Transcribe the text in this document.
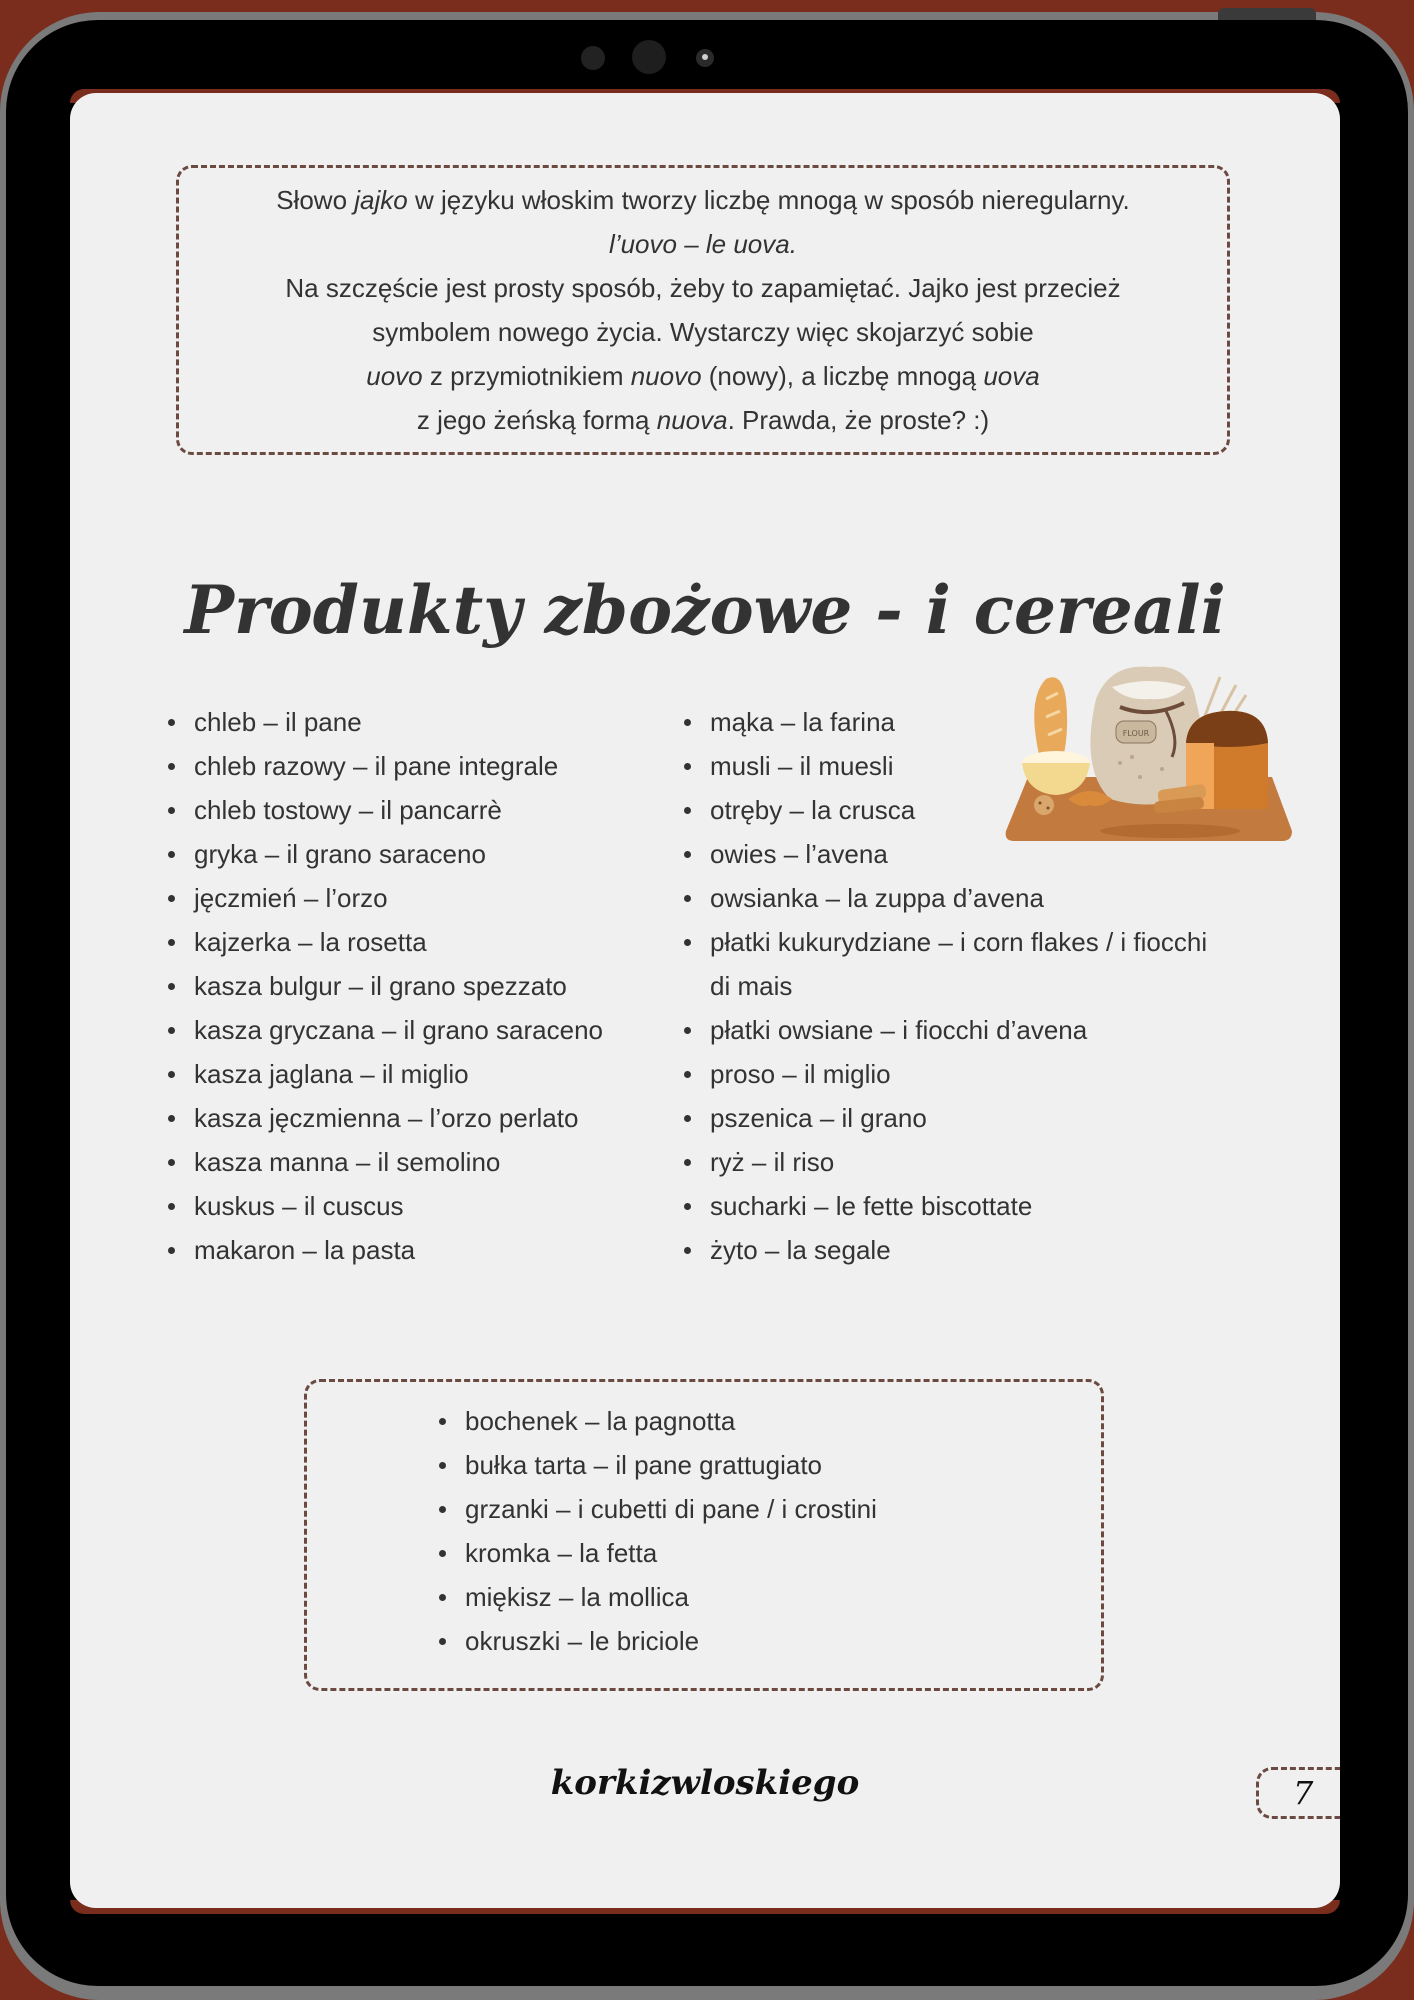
Słowo jajko w języku włoskim tworzy liczbę mnogą w sposób nieregularny.

l’uovo – le uova.

Na szczęście jest prosty sposób, żeby to zapamiętać. Jajko jest przecież

symbolem nowego życia. Wystarczy więc skojarzyć sobie

uovo z przymiotnikiem nuovo (nowy), a liczbę mnogą uova

z jego żeńską formą nuova. Prawda, że proste? :)

Produkty zbożowe - i cereali
chleb – il pane
chleb razowy – il pane integrale
chleb tostowy – il pancarrè
gryka – il grano saraceno
jęczmień – l’orzo
kajzerka – la rosetta
kasza bulgur – il grano spezzato
kasza gryczana – il grano saraceno
kasza jaglana – il miglio
kasza jęczmienna – l’orzo perlato
kasza manna – il semolino
kuskus – il cuscus
makaron – la pasta
mąka – la farina
musli – il muesli
otręby – la crusca
owies – l’avena
owsianka – la zuppa d’avena
płatki kukurydziane – i corn flakes / i fiocchi
di mais
płatki owsiane – i fiocchi d’avena
proso – il miglio
pszenica – il grano
ryż – il riso
sucharki – le fette biscottate
żyto – la segale
FLOUR
bochenek – la pagnotta
bułka tarta – il pane grattugiato
grzanki – i cubetti di pane / i crostini
kromka – la fetta
miękisz – la mollica
okruszki – le briciole
korkizwloskiego	7
